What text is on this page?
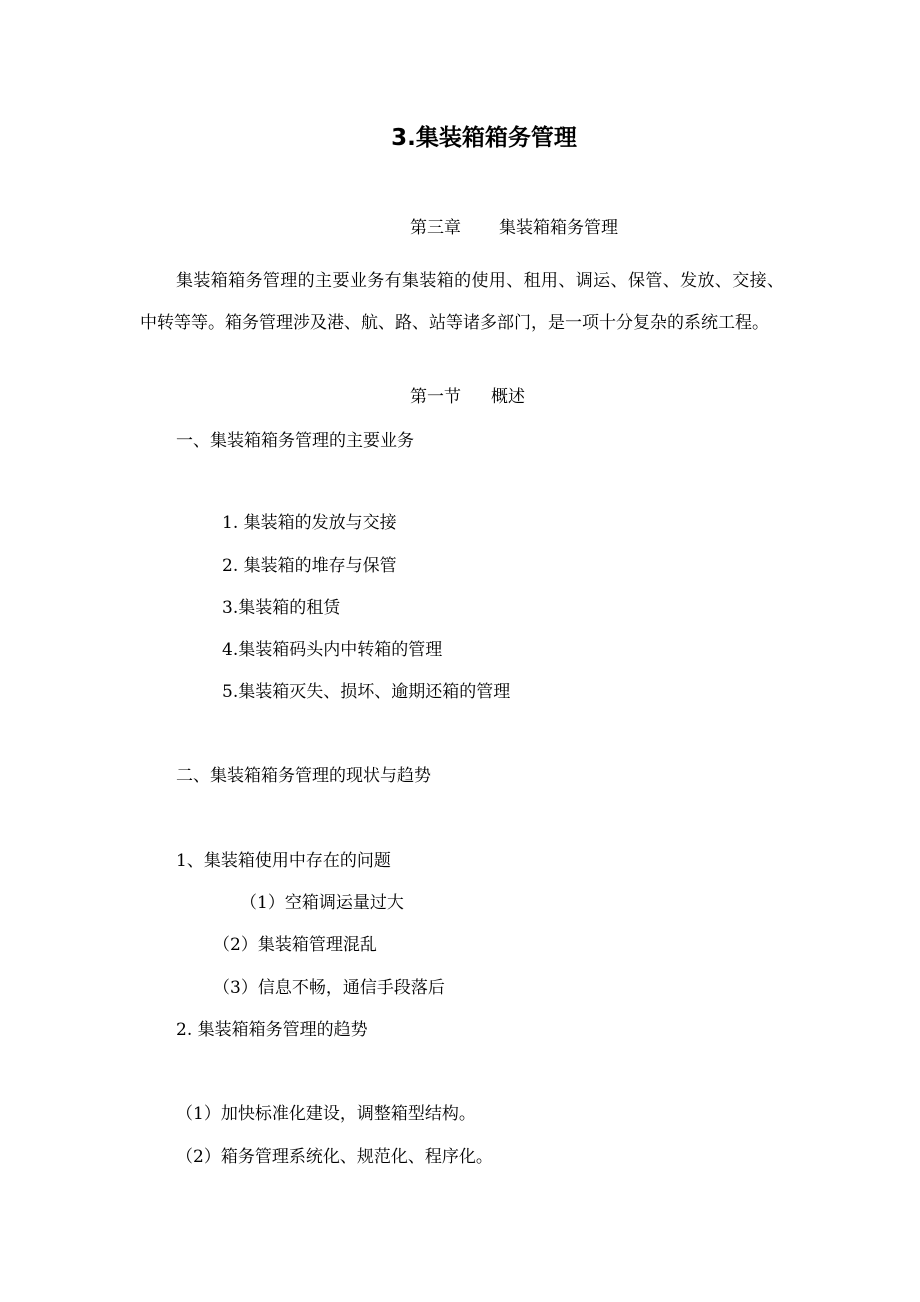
3.集装箱箱务管理
第三章 集装箱箱务管理

集装箱箱务管理的主要业务有集装箱的使用、租用、调运、保管、发放、交接、中转等等。箱务管理涉及港、航、路、站等诸多部门，是一项十分复杂的系统工程。

第一节 概述
一、集装箱箱务管理的主要业务
1. 集装箱的发放与交接
2. 集装箱的堆存与保管
3.集装箱的租赁
4.集装箱码头内中转箱的管理
5.集装箱灭失、损坏、逾期还箱的管理
二、集装箱箱务管理的现状与趋势
1、集装箱使用中存在的问题
（1）空箱调运量过大
（2）集装箱管理混乱
（3）信息不畅，通信手段落后
2. 集装箱箱务管理的趋势
（1）加快标准化建设，调整箱型结构。
（2）箱务管理系统化、规范化、程序化。
